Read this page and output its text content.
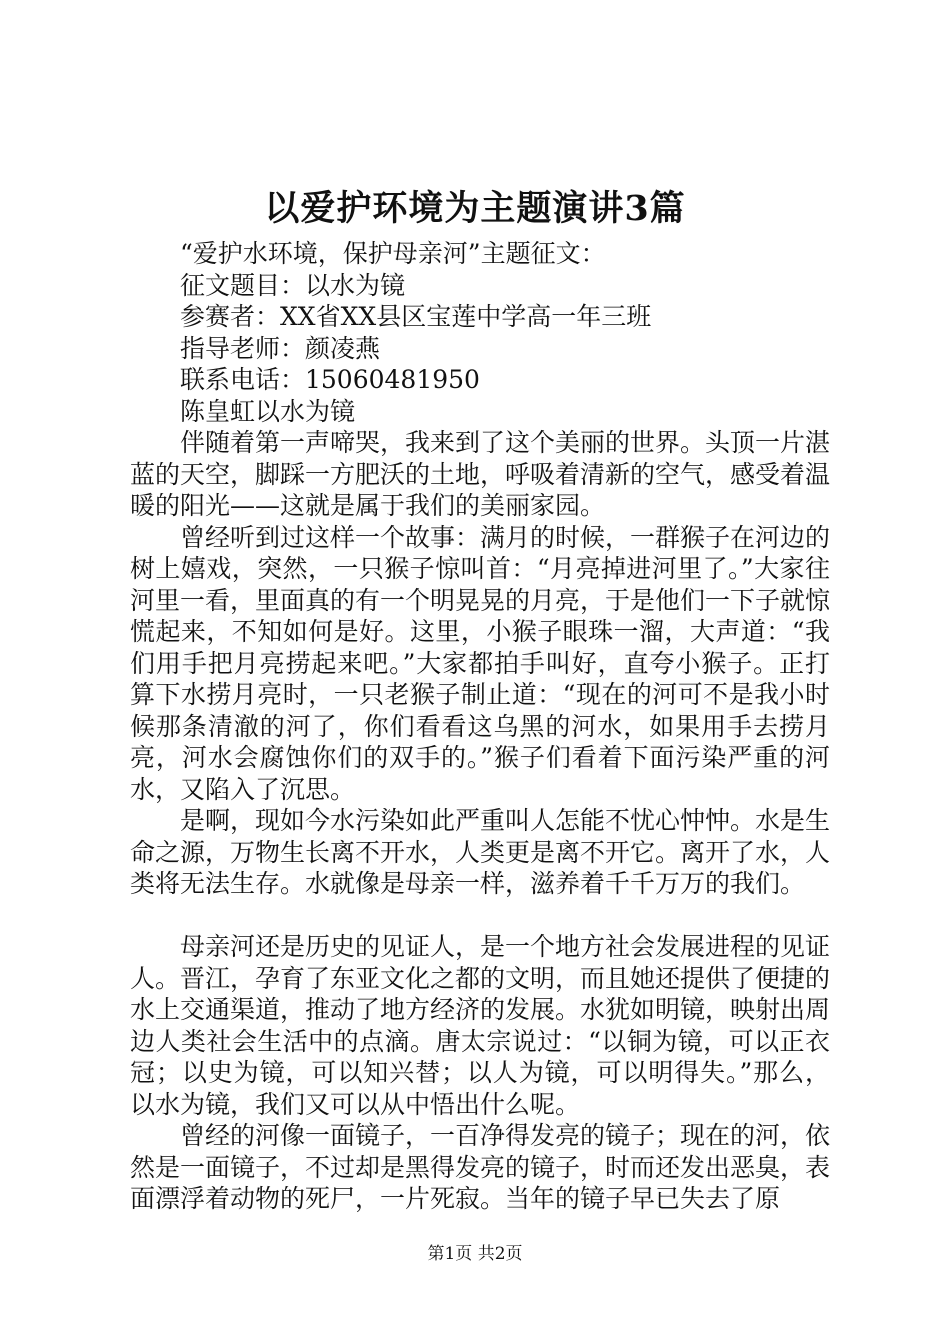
以爱护环境为主题演讲3篇

“爱护水环境，保护母亲河”主题征文：

征文题目：以水为镜

参赛者：XX省XX县区宝莲中学高一年三班

指导老师：颜凌燕

联系电话：15060481950

陈皇虹以水为镜

伴随着第一声啼哭，我来到了这个美丽的世界。头顶一片湛蓝的天空，脚踩一方肥沃的土地，呼吸着清新的空气，感受着温暖的阳光——这就是属于我们的美丽家园。

曾经听到过这样一个故事：满月的时候，一群猴子在河边的树上嬉戏，突然，一只猴子惊叫首：“月亮掉进河里了。”大家往河里一看，里面真的有一个明晃晃的月亮，于是他们一下子就惊慌起来，不知如何是好。这里，小猴子眼珠一溜，大声道：“我们用手把月亮捞起来吧。”大家都拍手叫好，直夸小猴子。正打算下水捞月亮时，一只老猴子制止道：“现在的河可不是我小时候那条清澈的河了，你们看看这乌黑的河水，如果用手去捞月亮，河水会腐蚀你们的双手的。”猴子们看着下面污染严重的河水，又陷入了沉思。

是啊，现如今水污染如此严重叫人怎能不忧心忡忡。水是生命之源，万物生长离不开水，人类更是离不开它。离开了水，人类将无法生存。水就像是母亲一样，滋养着千千万万的我们。

母亲河还是历史的见证人，是一个地方社会发展进程的见证人。晋江，孕育了东亚文化之都的文明，而且她还提供了便捷的水上交通渠道，推动了地方经济的发展。水犹如明镜，映射出周边人类社会生活中的点滴。唐太宗说过：“以铜为镜，可以正衣冠；以史为镜，可以知兴替；以人为镜，可以明得失。”那么，以水为镜，我们又可以从中悟出什么呢。

曾经的河像一面镜子，一百净得发亮的镜子；现在的河，依然是一面镜子，不过却是黑得发亮的镜子，时而还发出恶臭，表面漂浮着动物的死尸，一片死寂。当年的镜子早已失去了原

第1页 共2页
